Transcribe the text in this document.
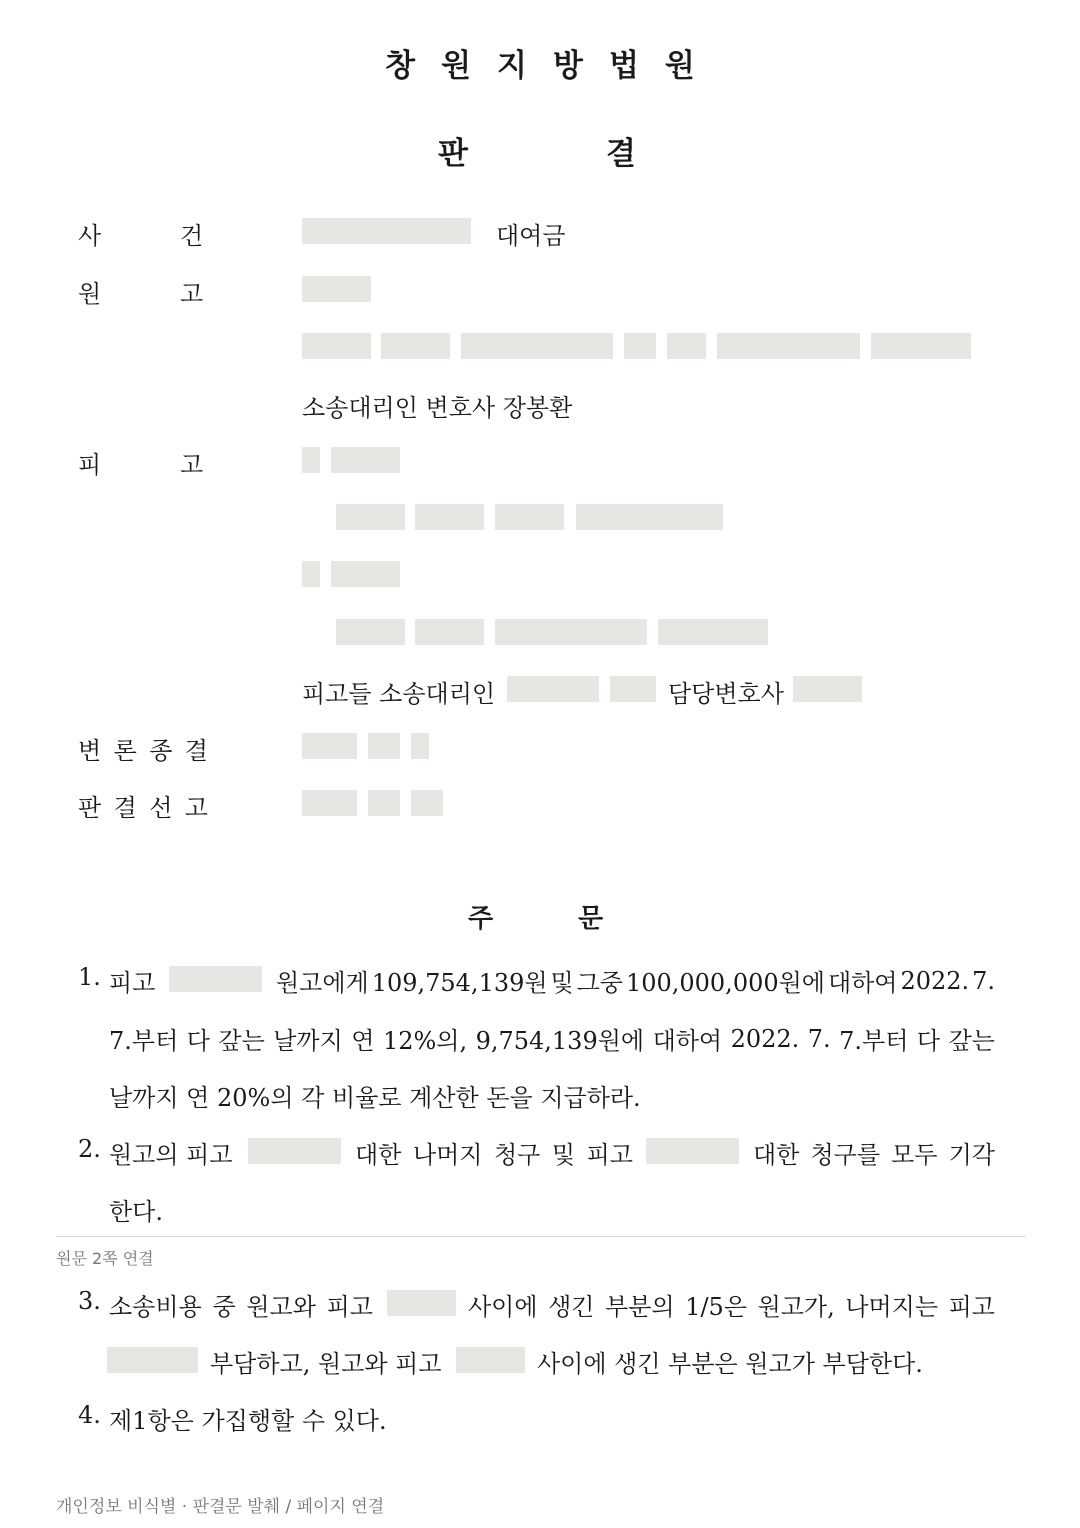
창원지방법원
판	결
사	건	대여금
원	고
소송대리인 변호사 장봉환
피	고
피고들 소송대리인	담당변호사
변 론 종 결
판 결 선 고
주	문
1. 피고	원고에게 109,754,139원 및 그중 100,000,000원에 대하여 2022. 7.
7.부터 다 갚는 날까지 연 12%의, 9,754,139원에 대하여 2022. 7. 7.부터 다 갚는
날까지 연 20%의 각 비율로 계산한 돈을 지급하라.
2. 원고의 피고	대한 나머지 청구 및 피고	대한 청구를 모두 기각
한다.
원문 2쪽 연결
3. 소송비용 중 원고와 피고	사이에 생긴 부분의 1/5은 원고가, 나머지는 피고
부담하고, 원고와 피고	사이에 생긴 부분은 원고가 부담한다.
4. 제1항은 가집행할 수 있다.
개인정보 비식별 · 판결문 발췌 / 페이지 연결
